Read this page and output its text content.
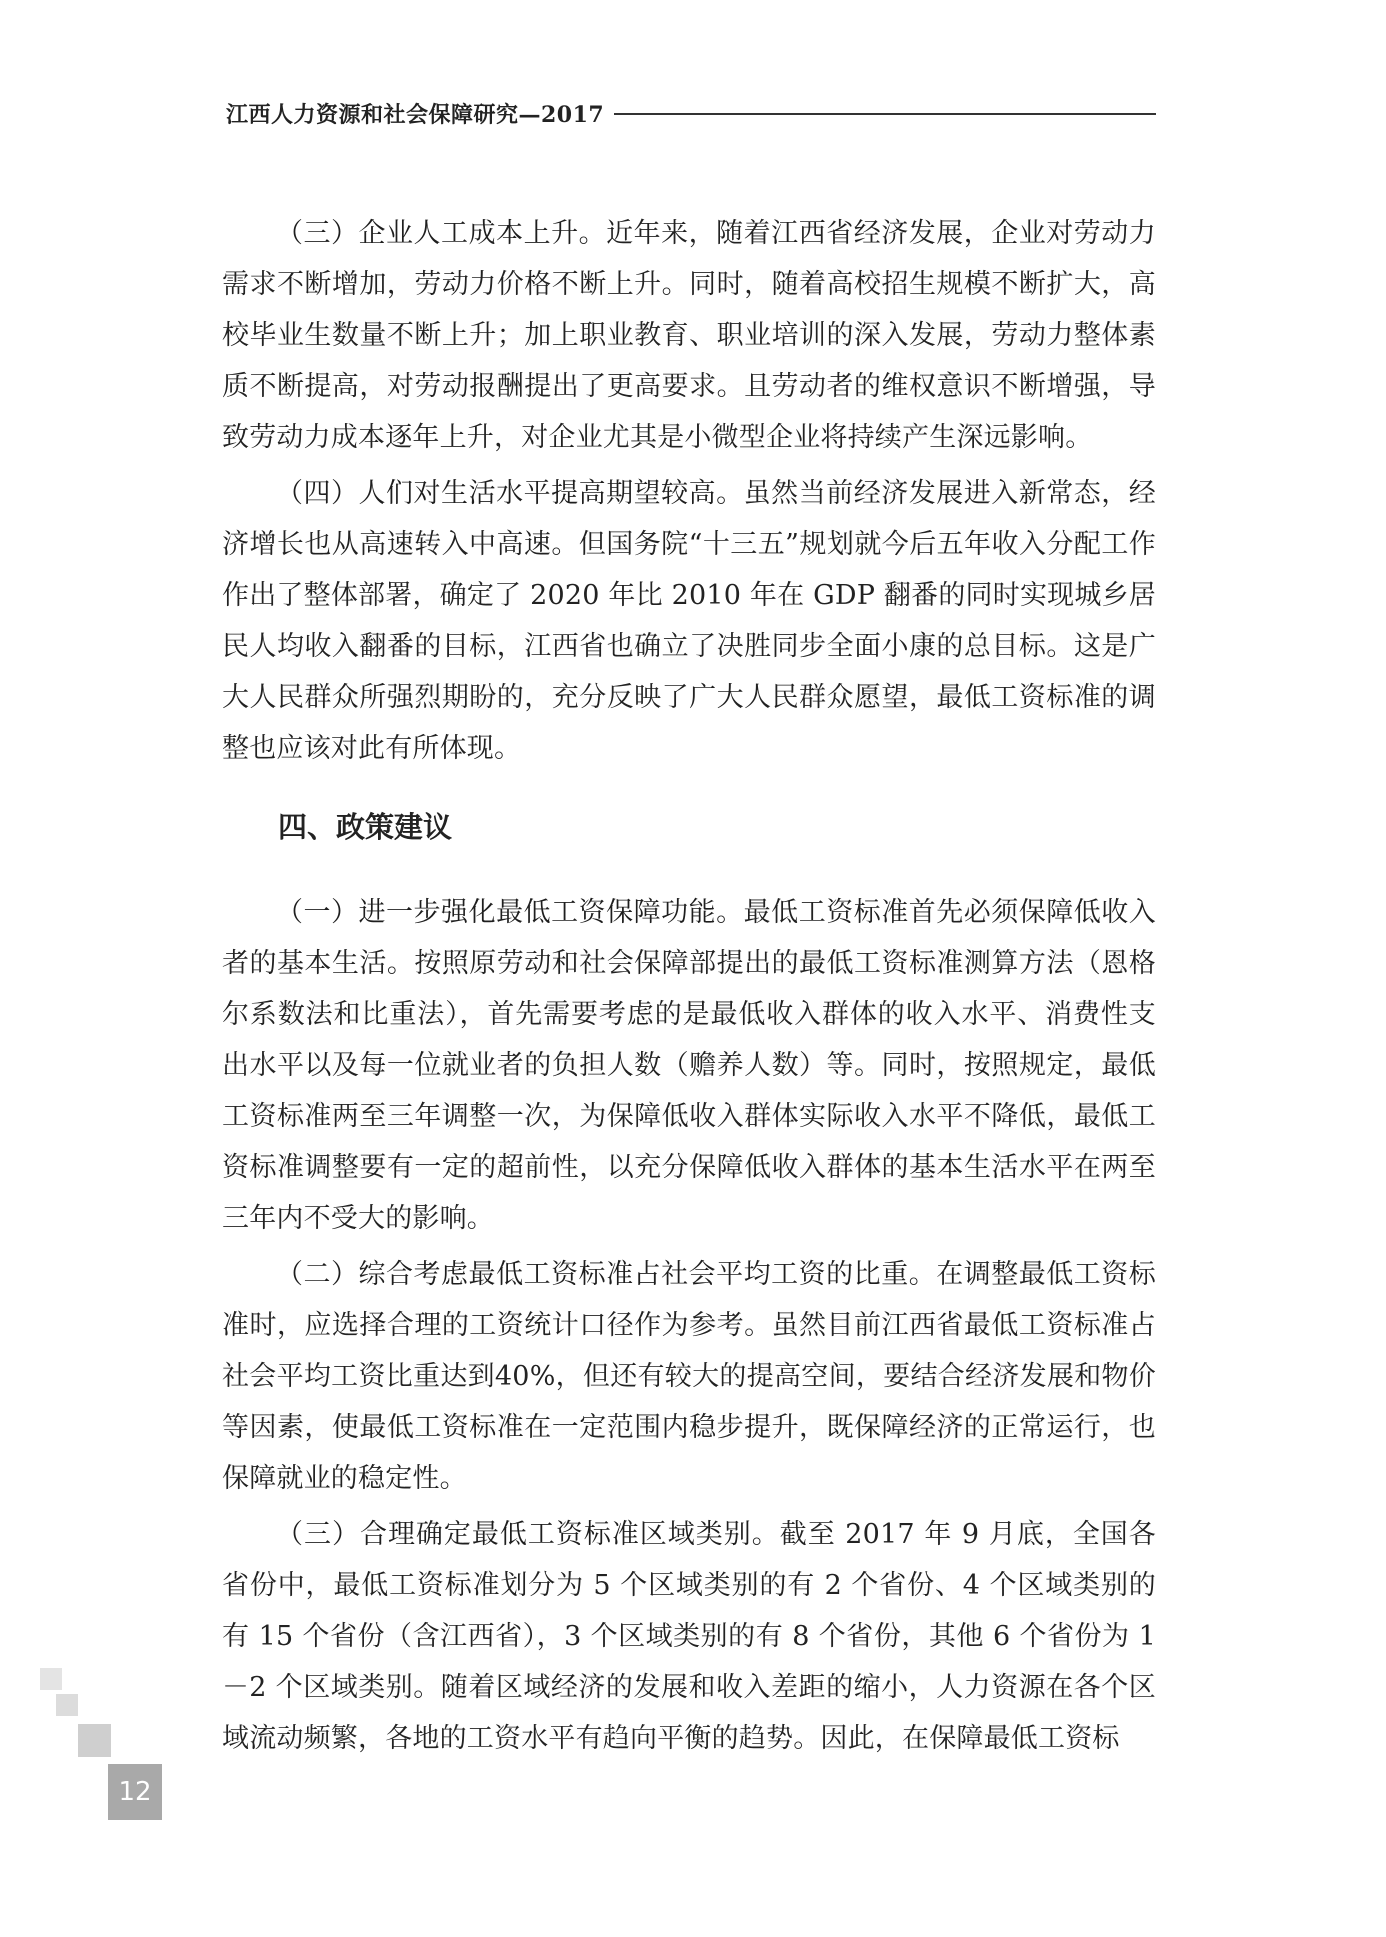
江西人力资源和社会保障研究—2017

（三）企业人工成本上升。近年来，随着江西省经济发展，企业对劳动力需求不断增加，劳动力价格不断上升。同时，随着高校招生规模不断扩大，高校毕业生数量不断上升；加上职业教育、职业培训的深入发展，劳动力整体素质不断提高，对劳动报酬提出了更高要求。且劳动者的维权意识不断增强，导致劳动力成本逐年上升，对企业尤其是小微型企业将持续产生深远影响。

（四）人们对生活水平提高期望较高。虽然当前经济发展进入新常态，经济增长也从高速转入中高速。但国务院“十三五”规划就今后五年收入分配工作作出了整体部署，确定了 2020 年比 2010 年在 GDP 翻番的同时实现城乡居民人均收入翻番的目标，江西省也确立了决胜同步全面小康的总目标。这是广大人民群众所强烈期盼的，充分反映了广大人民群众愿望，最低工资标准的调整也应该对此有所体现。

四、政策建议

（一）进一步强化最低工资保障功能。最低工资标准首先必须保障低收入者的基本生活。按照原劳动和社会保障部提出的最低工资标准测算方法（恩格尔系数法和比重法），首先需要考虑的是最低收入群体的收入水平、消费性支出水平以及每一位就业者的负担人数（赡养人数）等。同时，按照规定，最低工资标准两至三年调整一次，为保障低收入群体实际收入水平不降低，最低工资标准调整要有一定的超前性，以充分保障低收入群体的基本生活水平在两至三年内不受大的影响。

（二）综合考虑最低工资标准占社会平均工资的比重。在调整最低工资标准时，应选择合理的工资统计口径作为参考。虽然目前江西省最低工资标准占社会平均工资比重达到40%，但还有较大的提高空间，要结合经济发展和物价等因素，使最低工资标准在一定范围内稳步提升，既保障经济的正常运行，也保障就业的稳定性。

（三）合理确定最低工资标准区域类别。截至 2017 年 9 月底，全国各省份中，最低工资标准划分为 5 个区域类别的有 2 个省份、4 个区域类别的有 15 个省份（含江西省），3 个区域类别的有 8 个省份，其他 6 个省份为 1－2 个区域类别。随着区域经济的发展和收入差距的缩小，人力资源在各个区域流动频繁，各地的工资水平有趋向平衡的趋势。因此，在保障最低工资标

12
